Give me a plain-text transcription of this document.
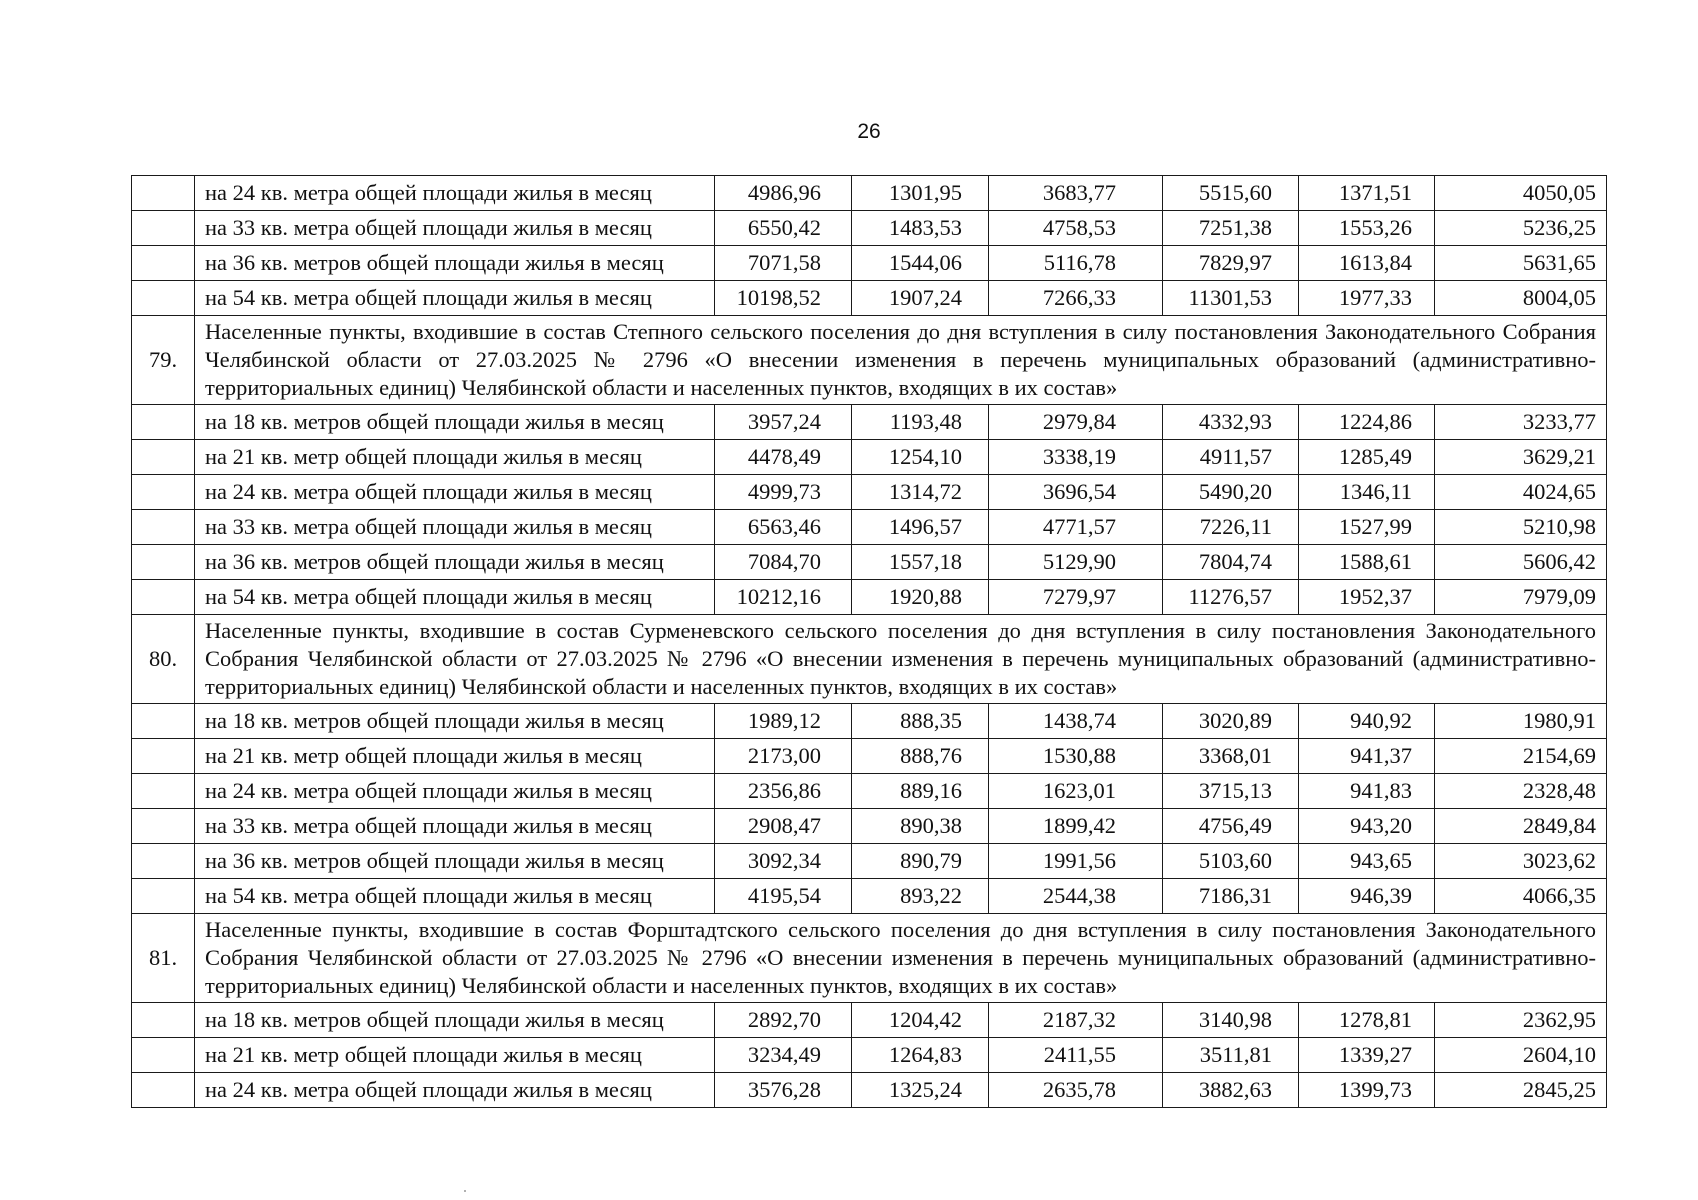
26
	на 24 кв. метра общей площади жилья в месяц	4986,96	1301,95	3683,77	5515,60	1371,51	4050,05
	на 33 кв. метра общей площади жилья в месяц	6550,42	1483,53	4758,53	7251,38	1553,26	5236,25
	на 36 кв. метров общей площади жилья в месяц	7071,58	1544,06	5116,78	7829,97	1613,84	5631,65
	на 54 кв. метра общей площади жилья в месяц	10198,52	1907,24	7266,33	11301,53	1977,33	8004,05
79.	Населенные пункты, входившие в состав Степного сельского поселения до дня вступления в силу постановления Законодательного Собрания Челябинской области от 27.03.2025 № 2796 «О внесении изменения в перечень муниципальных образований (административно-территориальных единиц) Челябинской области и населенных пунктов, входящих в их состав»						
	на 18 кв. метров общей площади жилья в месяц	3957,24	1193,48	2979,84	4332,93	1224,86	3233,77
	на 21 кв. метр общей площади жилья в месяц	4478,49	1254,10	3338,19	4911,57	1285,49	3629,21
	на 24 кв. метра общей площади жилья в месяц	4999,73	1314,72	3696,54	5490,20	1346,11	4024,65
	на 33 кв. метра общей площади жилья в месяц	6563,46	1496,57	4771,57	7226,11	1527,99	5210,98
	на 36 кв. метров общей площади жилья в месяц	7084,70	1557,18	5129,90	7804,74	1588,61	5606,42
	на 54 кв. метра общей площади жилья в месяц	10212,16	1920,88	7279,97	11276,57	1952,37	7979,09
80.	Населенные пункты, входившие в состав Сурменевского сельского поселения до дня вступления в силу постановления Законодательного Собрания Челябинской области от 27.03.2025 № 2796 «О внесении изменения в перечень муниципальных образований (административно-территориальных единиц) Челябинской области и населенных пунктов, входящих в их состав»						
	на 18 кв. метров общей площади жилья в месяц	1989,12	888,35	1438,74	3020,89	940,92	1980,91
	на 21 кв. метр общей площади жилья в месяц	2173,00	888,76	1530,88	3368,01	941,37	2154,69
	на 24 кв. метра общей площади жилья в месяц	2356,86	889,16	1623,01	3715,13	941,83	2328,48
	на 33 кв. метра общей площади жилья в месяц	2908,47	890,38	1899,42	4756,49	943,20	2849,84
	на 36 кв. метров общей площади жилья в месяц	3092,34	890,79	1991,56	5103,60	943,65	3023,62
	на 54 кв. метра общей площади жилья в месяц	4195,54	893,22	2544,38	7186,31	946,39	4066,35
81.	Населенные пункты, входившие в состав Форштадтского сельского поселения до дня вступления в силу постановления Законодательного Собрания Челябинской области от 27.03.2025 № 2796 «О внесении изменения в перечень муниципальных образований (административно-территориальных единиц) Челябинской области и населенных пунктов, входящих в их состав»						
	на 18 кв. метров общей площади жилья в месяц	2892,70	1204,42	2187,32	3140,98	1278,81	2362,95
	на 21 кв. метр общей площади жилья в месяц	3234,49	1264,83	2411,55	3511,81	1339,27	2604,10
	на 24 кв. метра общей площади жилья в месяц	3576,28	1325,24	2635,78	3882,63	1399,73	2845,25
